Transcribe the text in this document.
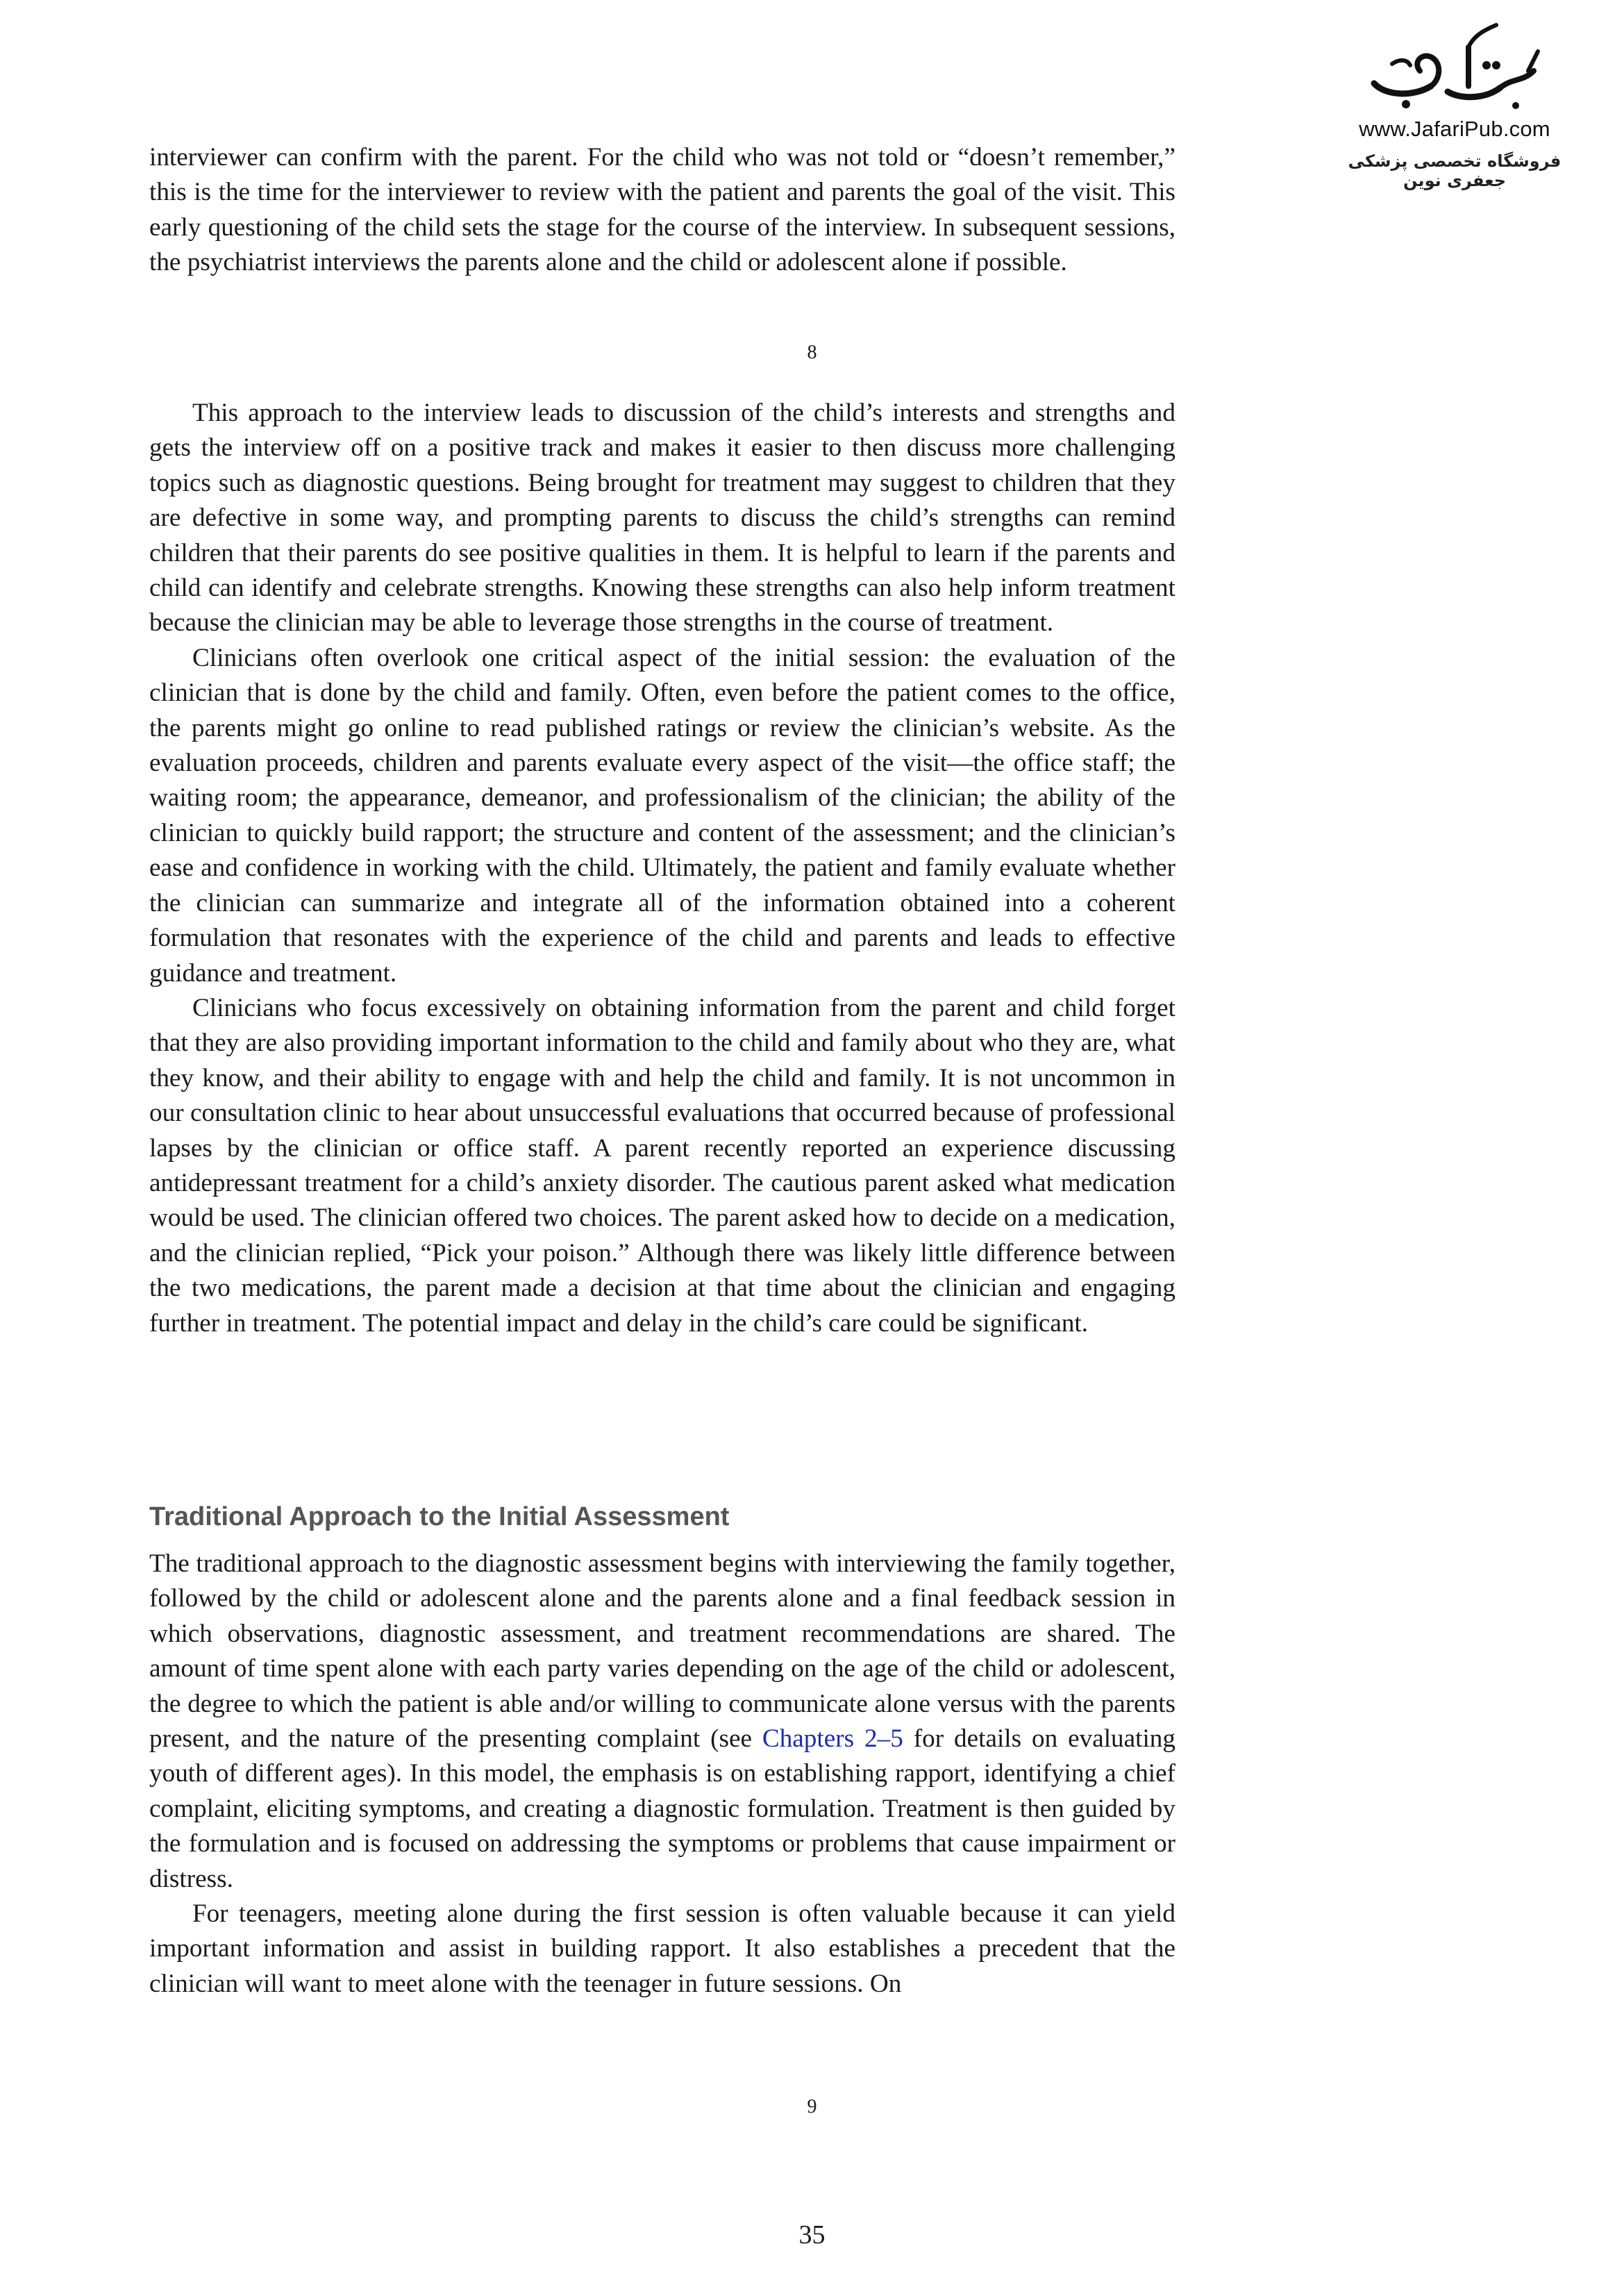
www.JafariPub.com
فروشگاه تخصصی پزشکی جعفری نوین

interviewer can confirm with the parent. For the child who was not told or “doesn’t remember,” this is the time for the interviewer to review with the patient and parents the goal of the visit. This early questioning of the child sets the stage for the course of the interview. In subsequent sessions, the psychiatrist interviews the parents alone and the child or adolescent alone if possible.

8

This approach to the interview leads to discussion of the child’s interests and strengths and gets the interview off on a positive track and makes it easier to then discuss more challenging topics such as diagnostic questions. Being brought for treatment may suggest to children that they are defective in some way, and prompting parents to discuss the child’s strengths can remind children that their parents do see positive qualities in them. It is helpful to learn if the parents and child can identify and celebrate strengths. Knowing these strengths can also help inform treatment because the clinician may be able to leverage those strengths in the course of treatment.

Clinicians often overlook one critical aspect of the initial session: the evaluation of the clinician that is done by the child and family. Often, even before the patient comes to the office, the parents might go online to read published ratings or review the clinician’s website. As the evaluation proceeds, children and parents evaluate every aspect of the visit—the office staff; the waiting room; the appearance, demeanor, and professionalism of the clinician; the ability of the clinician to quickly build rapport; the structure and content of the assessment; and the clinician’s ease and confidence in working with the child. Ultimately, the patient and family evaluate whether the clinician can summarize and integrate all of the information obtained into a coherent formulation that resonates with the experience of the child and parents and leads to effective guidance and treatment.

Clinicians who focus excessively on obtaining information from the parent and child forget that they are also providing important information to the child and family about who they are, what they know, and their ability to engage with and help the child and family. It is not uncommon in our consultation clinic to hear about unsuccessful evaluations that occurred because of professional lapses by the clinician or office staff. A parent recently reported an experience discussing antidepressant treatment for a child’s anxiety disorder. The cautious parent asked what medication would be used. The clinician offered two choices. The parent asked how to decide on a medication, and the clinician replied, “Pick your poison.” Although there was likely little difference between the two medications, the parent made a decision at that time about the clinician and engaging further in treatment. The potential impact and delay in the child’s care could be significant.

Traditional Approach to the Initial Assessment

The traditional approach to the diagnostic assessment begins with interviewing the family together, followed by the child or adolescent alone and the parents alone and a final feedback session in which observations, diagnostic assessment, and treatment recommendations are shared. The amount of time spent alone with each party varies depending on the age of the child or adolescent, the degree to which the patient is able and/or willing to communicate alone versus with the parents present, and the nature of the presenting complaint (see Chapters 2–5 for details on evaluating youth of different ages). In this model, the emphasis is on establishing rapport, identifying a chief complaint, eliciting symptoms, and creating a diagnostic formulation. Treatment is then guided by the formulation and is focused on addressing the symptoms or problems that cause impairment or distress.

For teenagers, meeting alone during the first session is often valuable because it can yield important information and assist in building rapport. It also establishes a precedent that the clinician will want to meet alone with the teenager in future sessions. On

9
35
